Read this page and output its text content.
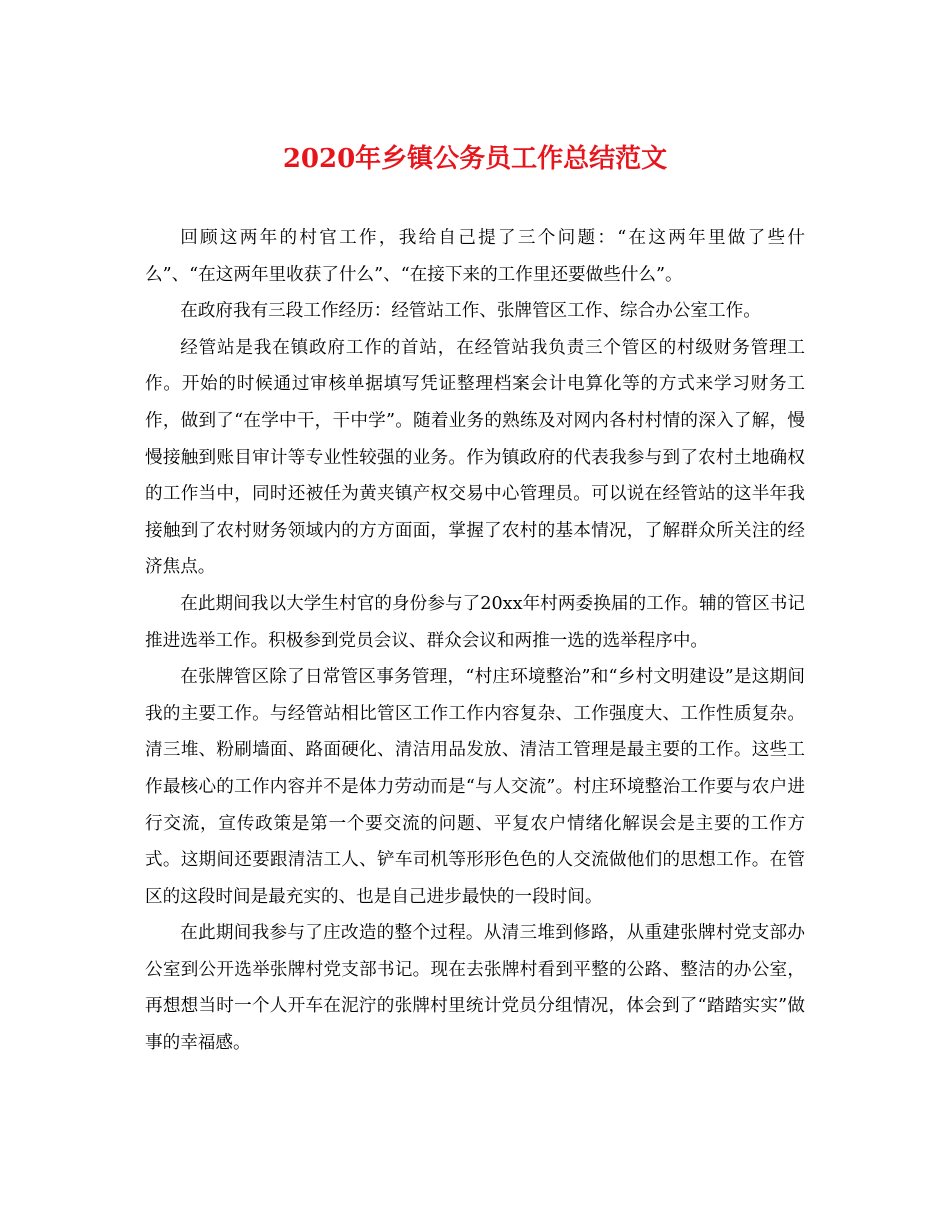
2020年乡镇公务员工作总结范文

回顾这两年的村官工作，我给自己提了三个问题：“在这两年里做了些什么”、“在这两年里收获了什么”、“在接下来的工作里还要做些什么”。

在政府我有三段工作经历：经管站工作、张牌管区工作、综合办公室工作。

经管站是我在镇政府工作的首站，在经管站我负责三个管区的村级财务管理工作。开始的时候通过审核单据填写凭证整理档案会计电算化等的方式来学习财务工作，做到了“在学中干，干中学”。随着业务的熟练及对网内各村村情的深入了解，慢慢接触到账目审计等专业性较强的业务。作为镇政府的代表我参与到了农村土地确权的工作当中，同时还被任为黄夹镇产权交易中心管理员。可以说在经管站的这半年我接触到了农村财务领域内的方方面面，掌握了农村的基本情况，了解群众所关注的经济焦点。

在此期间我以大学生村官的身份参与了20xx年村两委换届的工作。辅的管区书记推进选举工作。积极参到党员会议、群众会议和两推一选的选举程序中。

在张牌管区除了日常管区事务管理，“村庄环境整治”和“乡村文明建设”是这期间我的主要工作。与经管站相比管区工作工作内容复杂、工作强度大、工作性质复杂。清三堆、粉刷墙面、路面硬化、清洁用品发放、清洁工管理是最主要的工作。这些工作最核心的工作内容并不是体力劳动而是“与人交流”。村庄环境整治工作要与农户进行交流，宣传政策是第一个要交流的问题、平复农户情绪化解误会是主要的工作方式。这期间还要跟清洁工人、铲车司机等形形色色的人交流做他们的思想工作。在管区的这段时间是最充实的、也是自己进步最快的一段时间。

在此期间我参与了庄改造的整个过程。从清三堆到修路，从重建张牌村党支部办公室到公开选举张牌村党支部书记。现在去张牌村看到平整的公路、整洁的办公室，再想想当时一个人开车在泥泞的张牌村里统计党员分组情况，体会到了“踏踏实实”做事的幸福感。
